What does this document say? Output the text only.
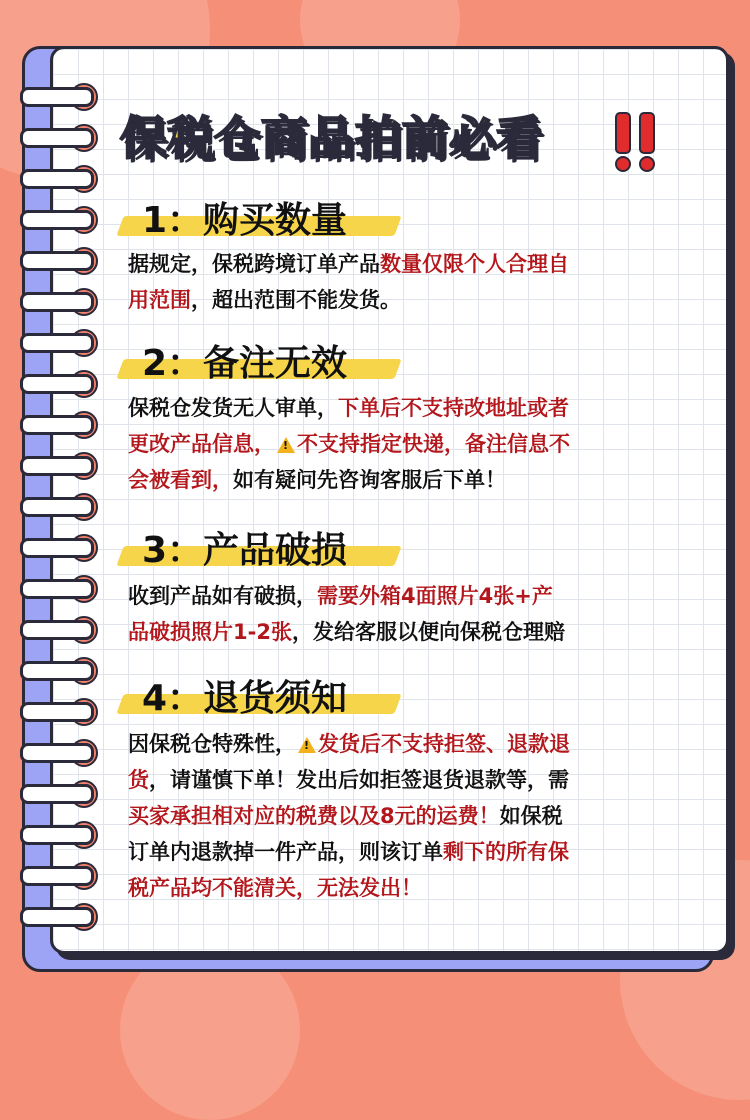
保税仓商品拍前必看
1：购买数量
据规定，保税跨境订单产品数量仅限个人合理自
用范围，超出范围不能发货。
2：备注无效
保税仓发货无人审单，下单后不支持改地址或者
更改产品信息， ! 不支持指定快递，备注信息不
会被看到，如有疑问先咨询客服后下单！
3：产品破损
收到产品如有破损，需要外箱4面照片4张+产
品破损照片1-2张，发给客服以便向保税仓理赔
4：退货须知
因保税仓特殊性， ! 发货后不支持拒签、退款退
货，请谨慎下单！发出后如拒签退货退款等，需
买家承担相对应的税费以及8元的运费！如保税
订单内退款掉一件产品，则该订单剩下的所有保
税产品均不能清关，无法发出！
